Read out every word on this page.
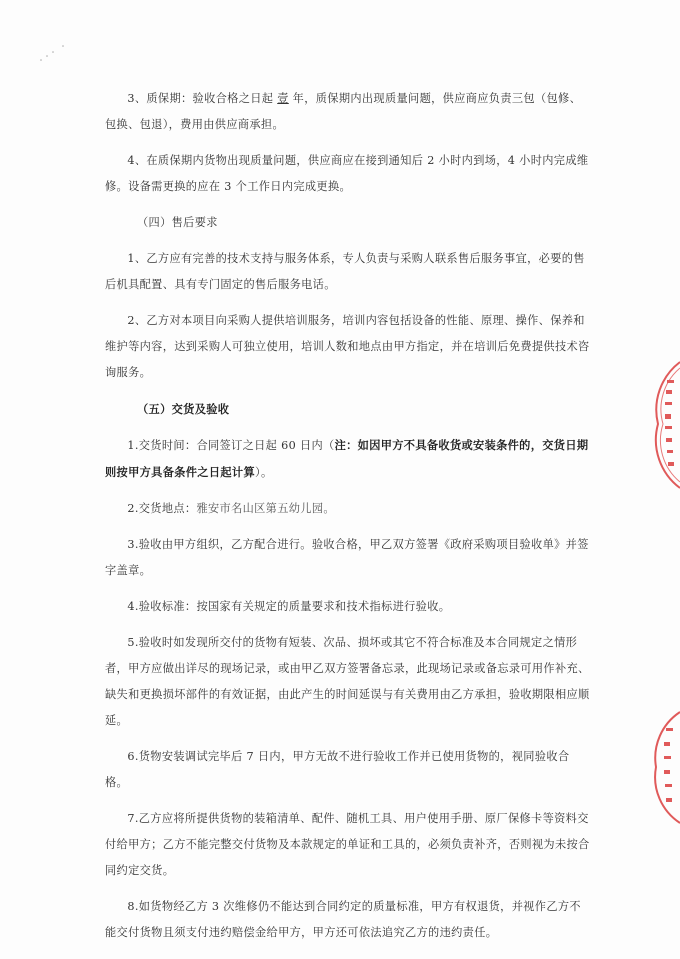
3、质保期：验收合格之日起 壹 年，质保期内出现质量问题，供应商应负责三包（包修、包换、包退），费用由供应商承担。

4、在质保期内货物出现质量问题，供应商应在接到通知后 2 小时内到场，4 小时内完成维修。设备需更换的应在 3 个工作日内完成更换。

（四）售后要求

1、乙方应有完善的技术支持与服务体系，专人负责与采购人联系售后服务事宜，必要的售后机具配置、具有专门固定的售后服务电话。

2、乙方对本项目向采购人提供培训服务，培训内容包括设备的性能、原理、操作、保养和维护等内容，达到采购人可独立使用，培训人数和地点由甲方指定，并在培训后免费提供技术咨询服务。

（五）交货及验收

1.交货时间：合同签订之日起 60 日内（注：如因甲方不具备收货或安装条件的，交货日期则按甲方具备条件之日起计算）。

2.交货地点：雅安市名山区第五幼儿园。

3.验收由甲方组织，乙方配合进行。验收合格，甲乙双方签署《政府采购项目验收单》并签字盖章。

4.验收标准：按国家有关规定的质量要求和技术指标进行验收。

5.验收时如发现所交付的货物有短装、次品、损坏或其它不符合标准及本合同规定之情形者，甲方应做出详尽的现场记录，或由甲乙双方签署备忘录，此现场记录或备忘录可用作补充、缺失和更换损坏部件的有效证据，由此产生的时间延误与有关费用由乙方承担，验收期限相应顺延。

6.货物安装调试完毕后 7 日内，甲方无故不进行验收工作并已使用货物的，视同验收合格。

7.乙方应将所提供货物的装箱清单、配件、随机工具、用户使用手册、原厂保修卡等资料交付给甲方；乙方不能完整交付货物及本款规定的单证和工具的，必须负责补齐，否则视为未按合同约定交货。

8.如货物经乙方 3 次维修仍不能达到合同约定的质量标准，甲方有权退货，并视作乙方不能交付货物且须支付违约赔偿金给甲方，甲方还可依法追究乙方的违约责任。
